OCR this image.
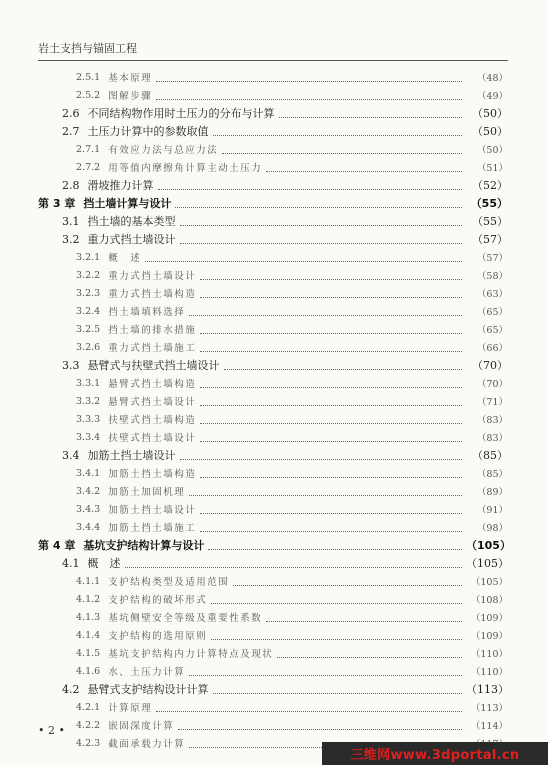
岩土支挡与锚固工程
2.5.1 基本原理	（48）
2.5.2 图解步骤	（49）
2.6 不同结构物作用时土压力的分布与计算	（50）
2.7 土压力计算中的参数取值	（50）
2.7.1 有效应力法与总应力法	（50）
2.7.2 用等值内摩擦角计算主动土压力	（51）
2.8 滑坡推力计算	（52）
第 3 章 挡土墙计算与设计	（55）
3.1 挡土墙的基本类型	（55）
3.2 重力式挡土墙设计	（57）
3.2.1 概　述	（57）
3.2.2 重力式挡土墙设计	（58）
3.2.3 重力式挡土墙构造	（63）
3.2.4 挡土墙填料选择	（65）
3.2.5 挡土墙的排水措施	（65）
3.2.6 重力式挡土墙施工	（66）
3.3 悬臂式与扶壁式挡土墙设计	（70）
3.3.1 悬臂式挡土墙构造	（70）
3.3.2 悬臂式挡土墙设计	（71）
3.3.3 扶壁式挡土墙构造	（83）
3.3.4 扶壁式挡土墙设计	（83）
3.4 加筋土挡土墙设计	（85）
3.4.1 加筋土挡土墙构造	（85）
3.4.2 加筋土加固机理	（89）
3.4.3 加筋土挡土墙设计	（91）
3.4.4 加筋土挡土墙施工	（98）
第 4 章 基坑支护结构计算与设计	（105）
4.1 概　述	（105）
4.1.1 支护结构类型及适用范围	（105）
4.1.2 支护结构的破坏形式	（108）
4.1.3 基坑侧壁安全等级及重要性系数	（109）
4.1.4 支护结构的选用原则	（109）
4.1.5 基坑支护结构内力计算特点及现状	（110）
4.1.6 水、土压力计算	（110）
4.2 悬臂式支护结构设计计算	（113）
4.2.1 计算原理	（113）
4.2.2 嵌固深度计算	（114）
4.2.3 截面承载力计算
• 2 •
三维网www.3dportal.cn
